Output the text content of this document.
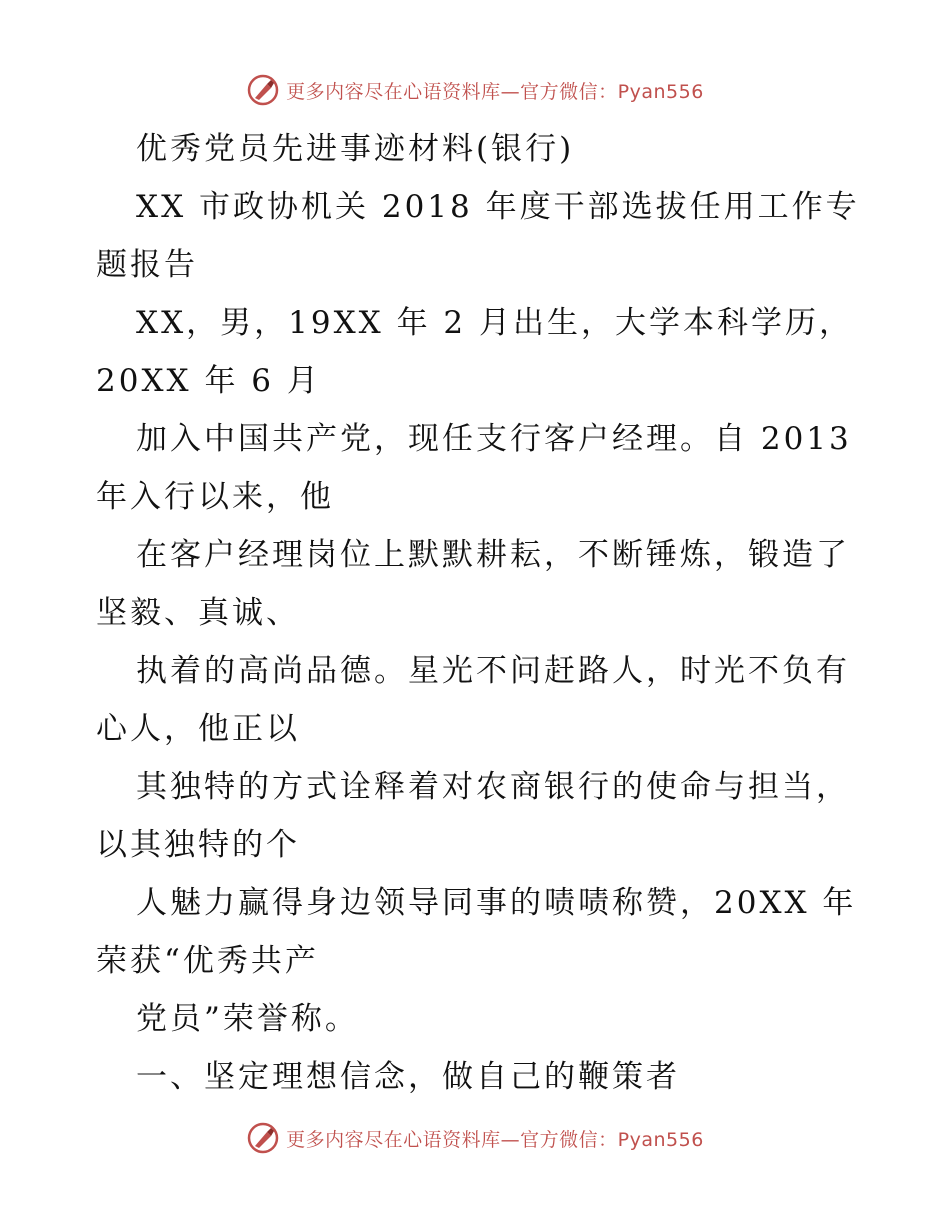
更多内容尽在心语资料库—官方微信：Pyan556
优秀党员先进事迹材料(银行)
XX 市政协机关 2018 年度干部选拔任用工作专
题报告
XX，男，19XX 年 2 月出生，大学本科学历，
20XX 年 6 月
加入中国共产党，现任支行客户经理。自 2013
年入行以来，他
在客户经理岗位上默默耕耘，不断锤炼，锻造了
坚毅、真诚、
执着的高尚品德。星光不问赶路人，时光不负有
心人，他正以
其独特的方式诠释着对农商银行的使命与担当，
以其独特的个
人魅力赢得身边领导同事的啧啧称赞，20XX 年
荣获“优秀共产
党员”荣誉称。
一、坚定理想信念，做自己的鞭策者
更多内容尽在心语资料库—官方微信：Pyan556
